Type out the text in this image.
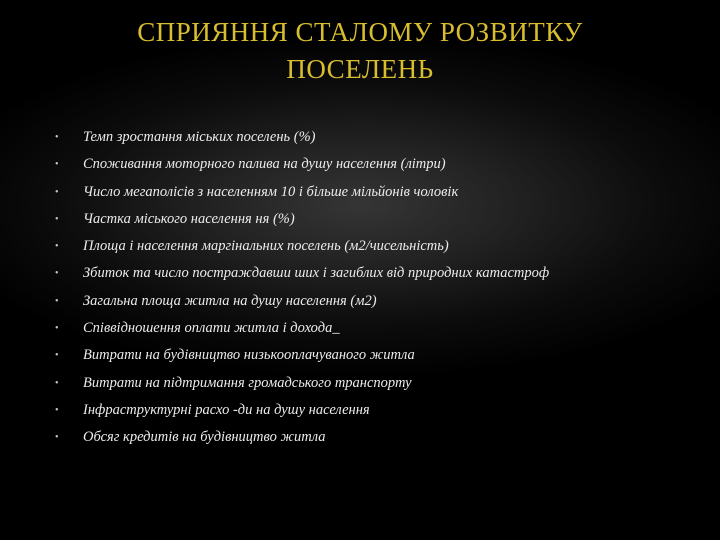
СПРИЯННЯ СТАЛОМУ РОЗВИТКУ
ПОСЕЛЕНЬ
•	Темп зростання міських поселень (%)
•	Споживання моторного палива на душу населення (літри)
•	Число мегаполісів з населенням 10 і більше мільйонів чоловік
•	Частка міського населення ня (%)
•	Площа і населення маргінальних поселень (м2/чисельність)
•	Збиток та число постраждавши ших і загиблих від природних катастроф
•	Загальна площа житла на душу населення (м2)
•	Співвідношення оплати житла і дохода_
•	Витрати на будівництво низькооплачуваного житла
•	Витрати на підтримання громадського транспорту
•	Інфраструктурні расхо -ди на душу населення
•	Обсяг кредитів на будівництво житла
